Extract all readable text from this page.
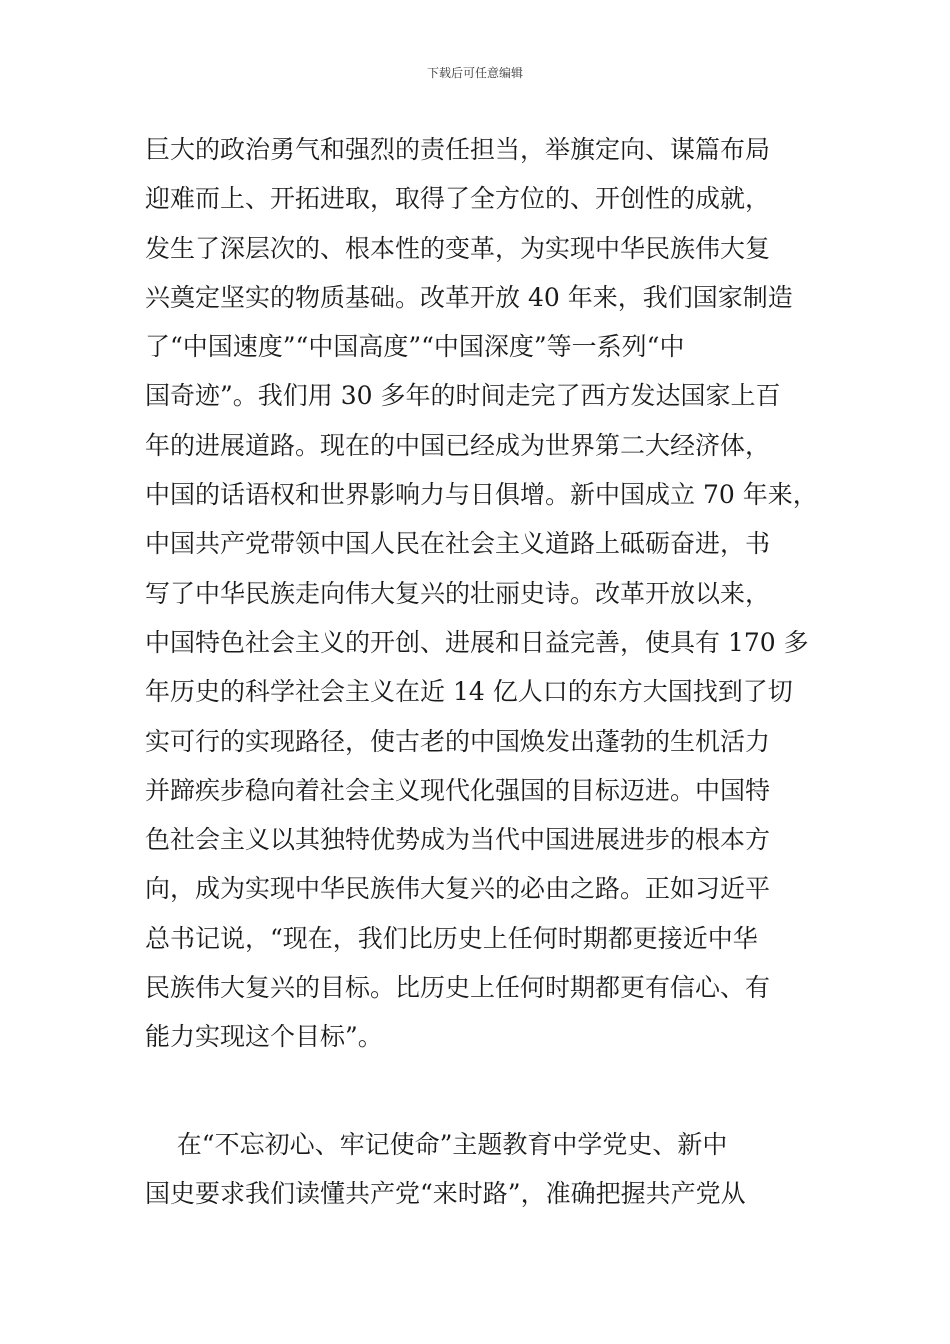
下载后可任意编辑
巨大的政治勇气和强烈的责任担当，举旗定向、谋篇布局
迎难而上、开拓进取，取得了全方位的、开创性的成就，
发生了深层次的、根本性的变革，为实现中华民族伟大复
兴奠定坚实的物质基础。改革开放 40 年来，我们国家制造
了“中国速度”“中国高度”“中国深度”等一系列“中
国奇迹”。我们用 30 多年的时间走完了西方发达国家上百
年的进展道路。现在的中国已经成为世界第二大经济体，
中国的话语权和世界影响力与日俱增。新中国成立 70 年来，
中国共产党带领中国人民在社会主义道路上砥砺奋进，书
写了中华民族走向伟大复兴的壮丽史诗。改革开放以来，
中国特色社会主义的开创、进展和日益完善，使具有 170 多
年历史的科学社会主义在近 14 亿人口的东方大国找到了切
实可行的实现路径，使古老的中国焕发出蓬勃的生机活力
并蹄疾步稳向着社会主义现代化强国的目标迈进。中国特
色社会主义以其独特优势成为当代中国进展进步的根本方
向，成为实现中华民族伟大复兴的必由之路。正如习近平
总书记说，“现在，我们比历史上任何时期都更接近中华
民族伟大复兴的目标。比历史上任何时期都更有信心、有
能力实现这个目标”。
在“不忘初心、牢记使命”主题教育中学党史、新中
国史要求我们读懂共产党“来时路”，准确把握共产党从
